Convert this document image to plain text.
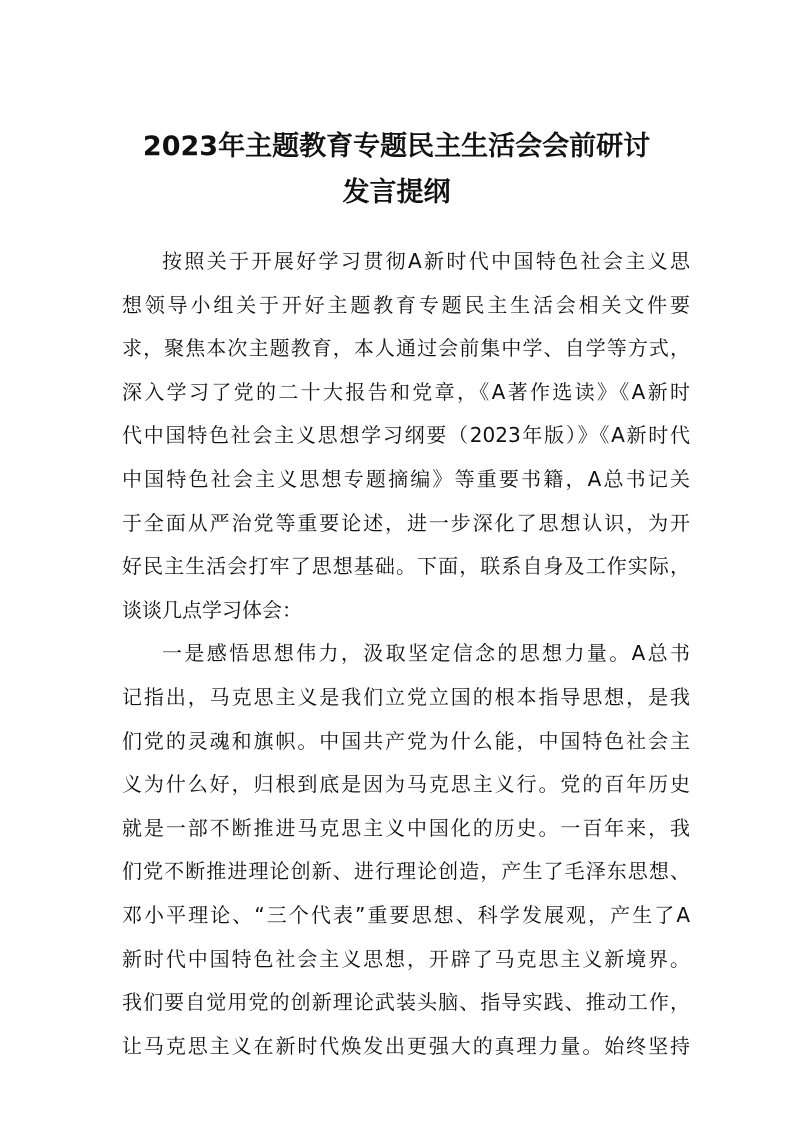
2023年主题教育专题民主生活会会前研讨
发言提纲
按照关于开展好学习贯彻A新时代中国特色社会主义思
想领导小组关于开好主题教育专题民主生活会相关文件要
求，聚焦本次主题教育，本人通过会前集中学、自学等方式，
深入学习了党的二十大报告和党章，《A著作选读》《A新时
代中国特色社会主义思想学习纲要（2023年版）》《A新时代
中国特色社会主义思想专题摘编》等重要书籍，A总书记关
于全面从严治党等重要论述，进一步深化了思想认识，为开
好民主生活会打牢了思想基础。下面，联系自身及工作实际，
谈谈几点学习体会：
一是感悟思想伟力，汲取坚定信念的思想力量。A总书
记指出，马克思主义是我们立党立国的根本指导思想，是我
们党的灵魂和旗帜。中国共产党为什么能，中国特色社会主
义为什么好，归根到底是因为马克思主义行。党的百年历史
就是一部不断推进马克思主义中国化的历史。一百年来，我
们党不断推进理论创新、进行理论创造，产生了毛泽东思想、
邓小平理论、“三个代表”重要思想、科学发展观，产生了A
新时代中国特色社会主义思想，开辟了马克思主义新境界。
我们要自觉用党的创新理论武装头脑、指导实践、推动工作，
让马克思主义在新时代焕发出更强大的真理力量。始终坚持
